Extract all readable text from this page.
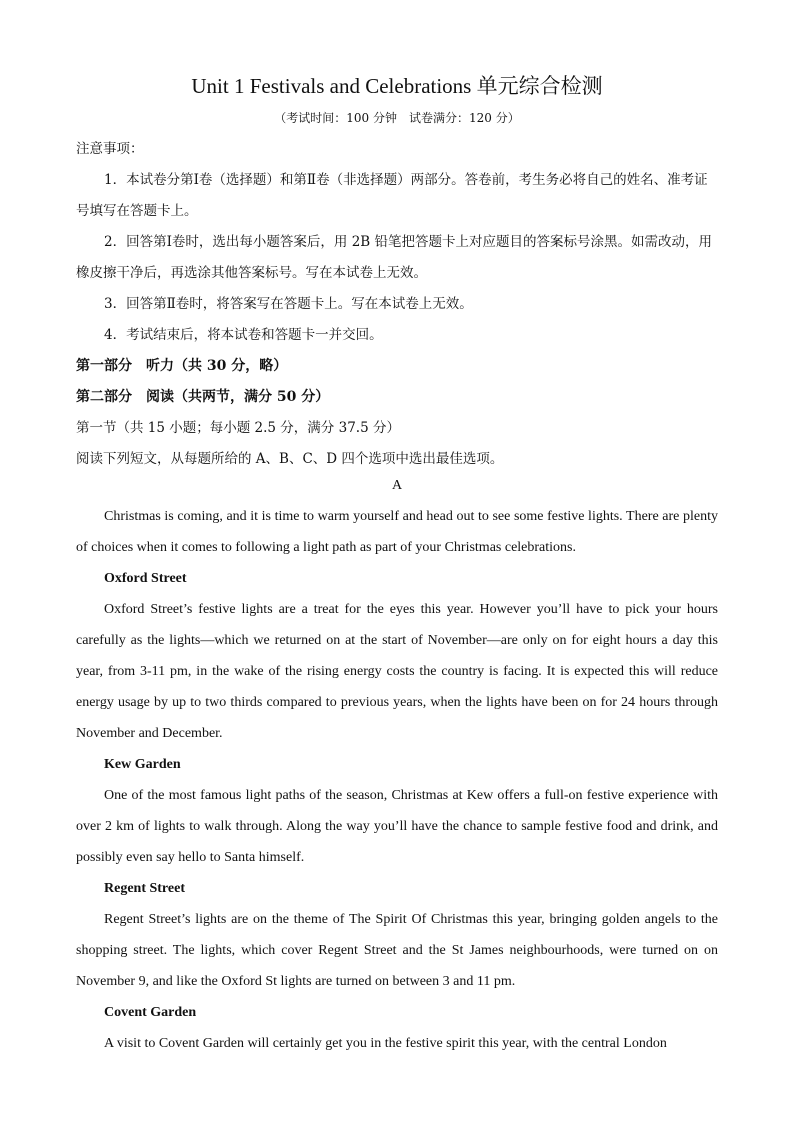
Unit 1 Festivals and Celebrations 单元综合检测
（考试时间：100 分钟　试卷满分：120 分）

注意事项：

1．本试卷分第Ⅰ卷（选择题）和第Ⅱ卷（非选择题）两部分。答卷前，考生务必将自己的姓名、准考证号填写在答题卡上。

2．回答第Ⅰ卷时，选出每小题答案后，用 2B 铅笔把答题卡上对应题目的答案标号涂黑。如需改动，用橡皮擦干净后，再选涂其他答案标号。写在本试卷上无效。

3．回答第Ⅱ卷时，将答案写在答题卡上。写在本试卷上无效。

4．考试结束后，将本试卷和答题卡一并交回。

第一部分　听力（共 30 分，略）

第二部分　阅读（共两节，满分 50 分）

第一节（共 15 小题；每小题 2.5 分，满分 37.5 分）

阅读下列短文，从每题所给的 A、B、C、D 四个选项中选出最佳选项。

A

Christmas is coming, and it is time to warm yourself and head out to see some festive lights. There are plenty of choices when it comes to following a light path as part of your Christmas celebrations.

Oxford Street

Oxford Street’s festive lights are a treat for the eyes this year. However you’ll have to pick your hours carefully as the lights—which we returned on at the start of November—are only on for eight hours a day this year, from 3-11 pm, in the wake of the rising energy costs the country is facing. It is expected this will reduce energy usage by up to two thirds compared to previous years, when the lights have been on for 24 hours through November and December.

Kew Garden

One of the most famous light paths of the season, Christmas at Kew offers a full-on festive experience with over 2 km of lights to walk through. Along the way you’ll have the chance to sample festive food and drink, and possibly even say hello to Santa himself.

Regent Street

Regent Street’s lights are on the theme of The Spirit Of Christmas this year, bringing golden angels to the shopping street. The lights, which cover Regent Street and the St James neighbourhoods, were turned on on November 9, and like the Oxford St lights are turned on between 3 and 11 pm.

Covent Garden

A visit to Covent Garden will certainly get you in the festive spirit this year, with the central London
